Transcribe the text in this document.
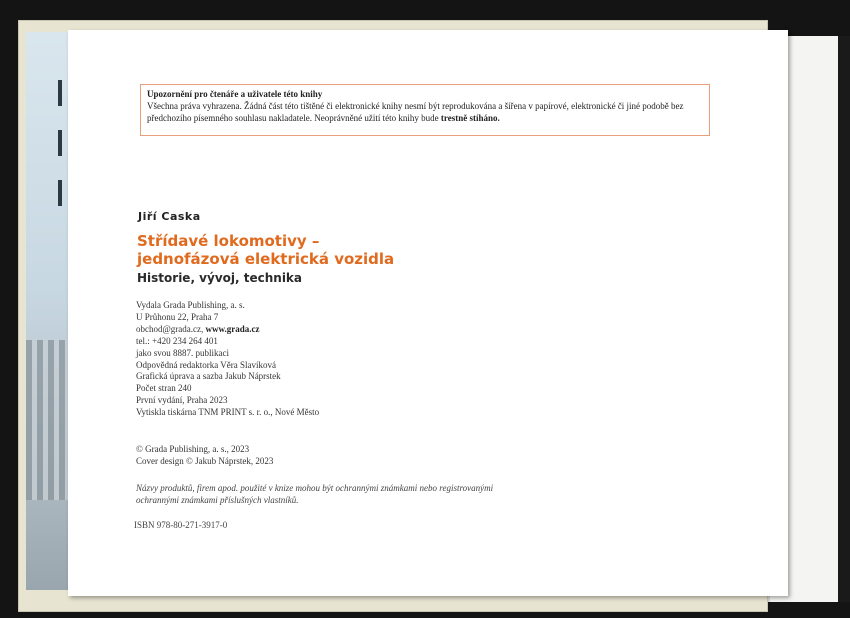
Upozornění pro čtenáře a uživatele této knihy
Všechna práva vyhrazena. Žádná část této tištěné či elektronické knihy nesmí být reprodukována a šířena v papírové, elektronické či jiné podobě bez předchozího písemného souhlasu nakladatele. Neoprávněné užití této knihy bude trestně stíháno.
Jiří Caska
Střídavé lokomotivy –
jednofázová elektrická vozidla
Historie, vývoj, technika
Vydala Grada Publishing, a. s.
U Průhonu 22, Praha 7
obchod@grada.cz, www.grada.cz
tel.: +420 234 264 401
jako svou 8887. publikaci
Odpovědná redaktorka Věra Slavíková
Grafická úprava a sazba Jakub Náprstek
Počet stran 240
První vydání, Praha 2023
Vytiskla tiskárna TNM PRINT s. r. o., Nové Město
© Grada Publishing, a. s., 2023
Cover design © Jakub Náprstek, 2023
Názvy produktů, firem apod. použité v knize mohou být ochrannými známkami nebo registrovanými ochrannými známkami příslušných vlastníků.
ISBN 978-80-271-3917-0
